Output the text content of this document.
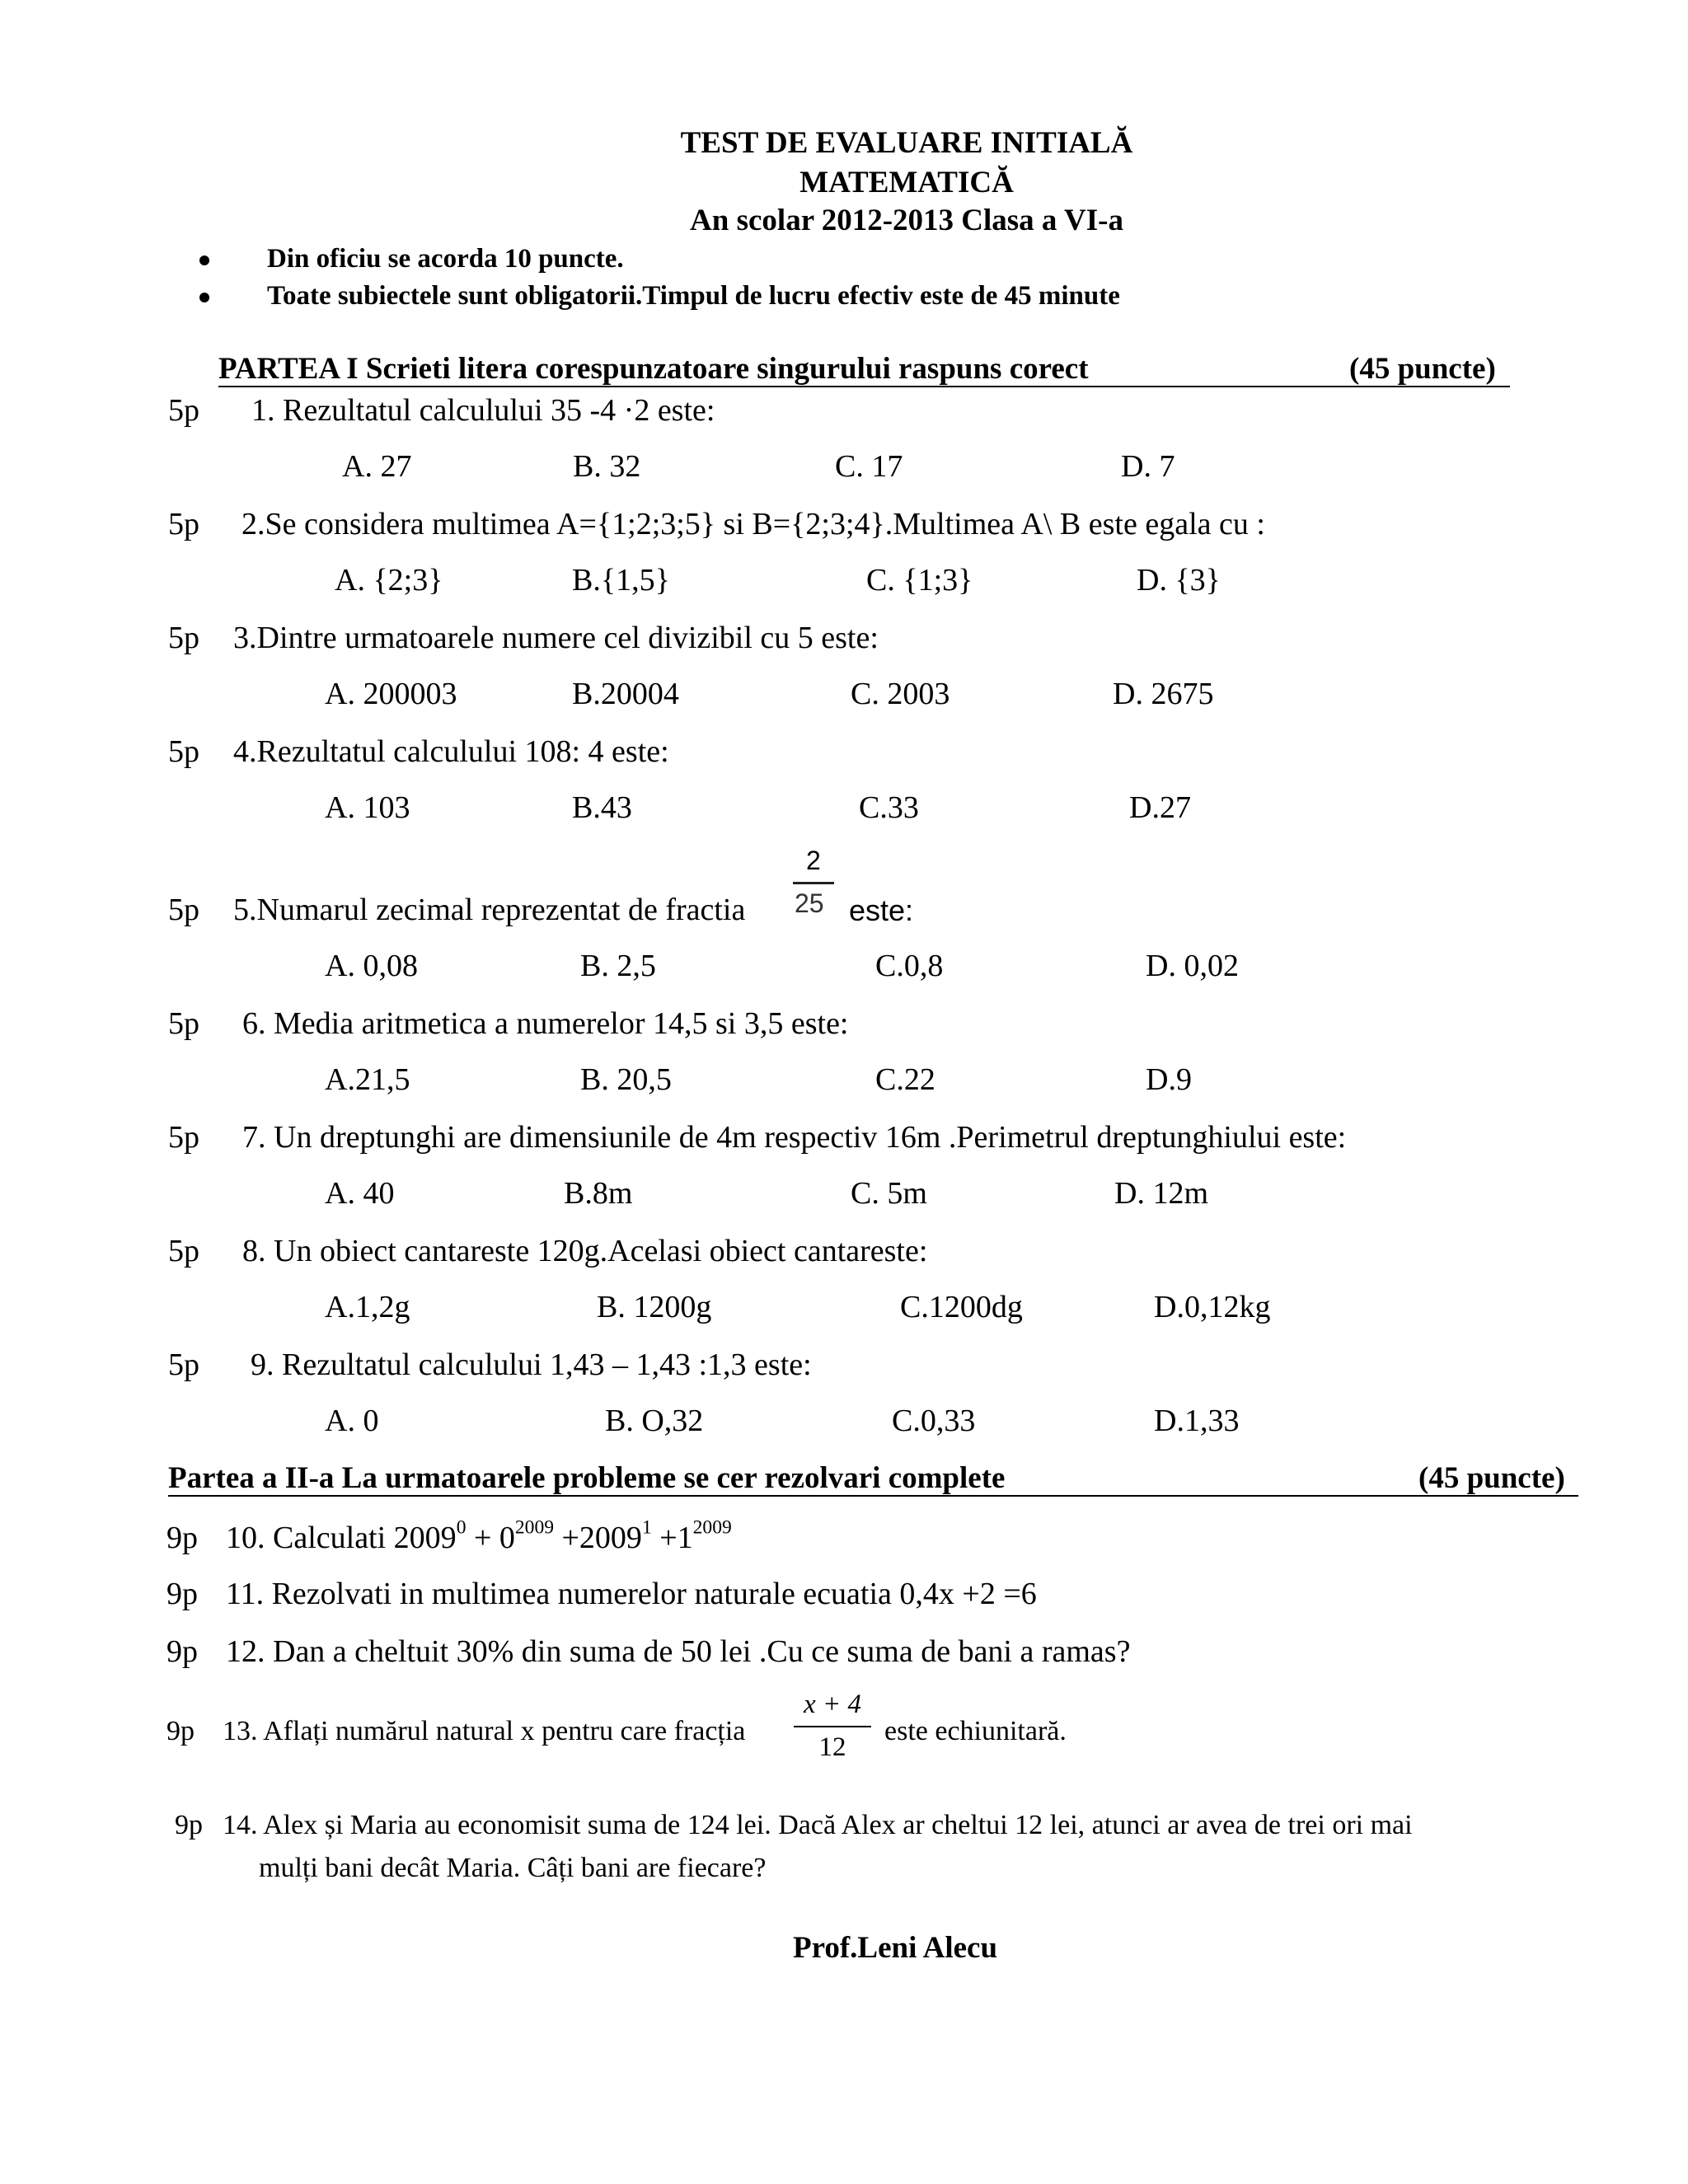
TEST DE EVALUARE INITIALĂ
MATEMATICĂ
An scolar 2012-2013 Clasa a VI-a
Din oficiu se acorda 10 puncte.
Toate subiectele sunt obligatorii.Timpul de lucru efectiv este de 45 minute
PARTEA I Scrieti litera corespunzatoare singurului raspuns corect	(45 puncte)
5p 1. Rezultatul calculului 35 -4 ·2 este:
A. 27	B. 32	C. 17	D. 7
5p 2.Se considera multimea A={1;2;3;5} si B={2;3;4}.Multimea A\ B este egala cu :
A. {2;3}	B.{1,5}	C. {1;3}	D. {3}
5p 3.Dintre urmatoarele numere cel divizibil cu 5 este:
A. 200003	B.20004	C. 2003	D. 2675
5p 4.Rezultatul calculului 108: 4 este:
A. 103	B.43	C.33	D.27
5p 5.Numarul zecimal reprezentat de fractia
2
25 este:
A. 0,08	B. 2,5	C.0,8	D. 0,02
5p 6. Media aritmetica a numerelor 14,5 si 3,5 este:
A.21,5	B. 20,5	C.22	D.9
5p 7. Un dreptunghi are dimensiunile de 4m respectiv 16m .Perimetrul dreptunghiului este:
A. 40	B.8m	C. 5m	D. 12m
5p 8. Un obiect cantareste 120g.Acelasi obiect cantareste:
A.1,2g	B. 1200g	C.1200dg	D.0,12kg
5p 9. Rezultatul calculului 1,43 – 1,43 :1,3 este:
A. 0	B. O,32	C.0,33	D.1,33
Partea a II-a La urmatoarele probleme se cer rezolvari complete	(45 puncte)
9p 10. Calculati $2009^0 + 0^{2009} +2009^1 +1^{2009}$
9p 11. Rezolvati in multimea numerelor naturale ecuatia 0,4x +2 =6
9p 12. Dan a cheltuit 30% din suma de 50 lei .Cu ce suma de bani a ramas?
9p 13. Aflați numărul natural x pentru care fracția
x + 4
12
este echiunitară.
9p 14. Alex și Maria au economisit suma de 124 lei. Dacă Alex ar cheltui 12 lei, atunci ar avea de trei ori mai
mulți bani decât Maria. Câți bani are fiecare?
Prof.Leni Alecu
